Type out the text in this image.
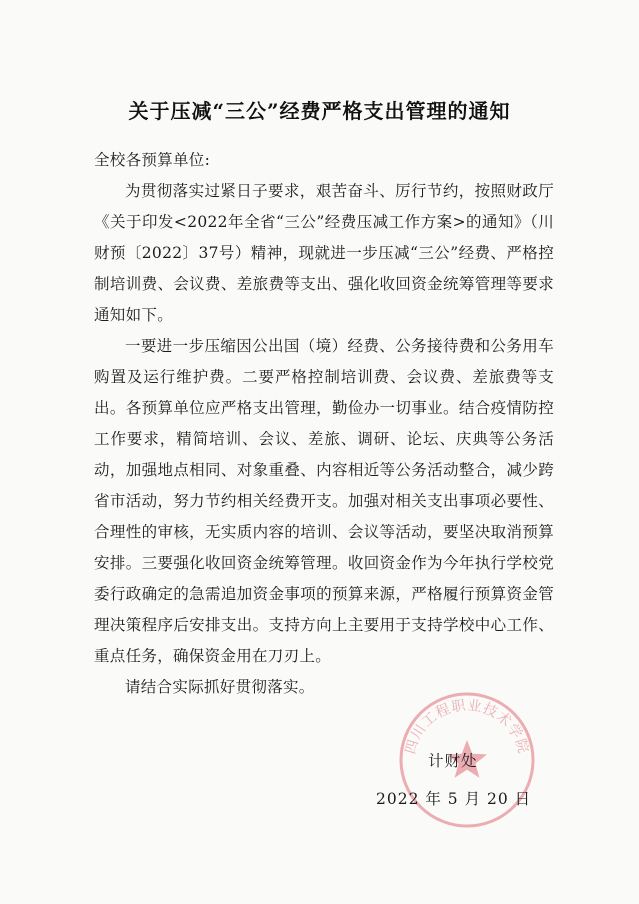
关于压减“三公”经费严格支出管理的通知

全校各预算单位:

为贯彻落实过紧日子要求，艰苦奋斗、厉行节约，按照财政厅《关于印发<2022年全省“三公”经费压减工作方案>的通知》（川财预〔2022〕37号）精神，现就进一步压减“三公”经费、严格控制培训费、会议费、差旅费等支出、强化收回资金统筹管理等要求通知如下。

一要进一步压缩因公出国（境）经费、公务接待费和公务用车购置及运行维护费。二要严格控制培训费、会议费、差旅费等支出。各预算单位应严格支出管理，勤俭办一切事业。结合疫情防控工作要求，精简培训、会议、差旅、调研、论坛、庆典等公务活动，加强地点相同、对象重叠、内容相近等公务活动整合，减少跨省市活动，努力节约相关经费开支。加强对相关支出事项必要性、合理性的审核，无实质内容的培训、会议等活动，要坚决取消预算安排。三要强化收回资金统筹管理。收回资金作为今年执行学校党委行政确定的急需追加资金事项的预算来源，严格履行预算资金管理决策程序后安排支出。支持方向上主要用于支持学校中心工作、重点任务，确保资金用在刀刃上。

请结合实际抓好贯彻落实。

四川工程职业技术学院
计财处
2022 年 5 月 20 日
